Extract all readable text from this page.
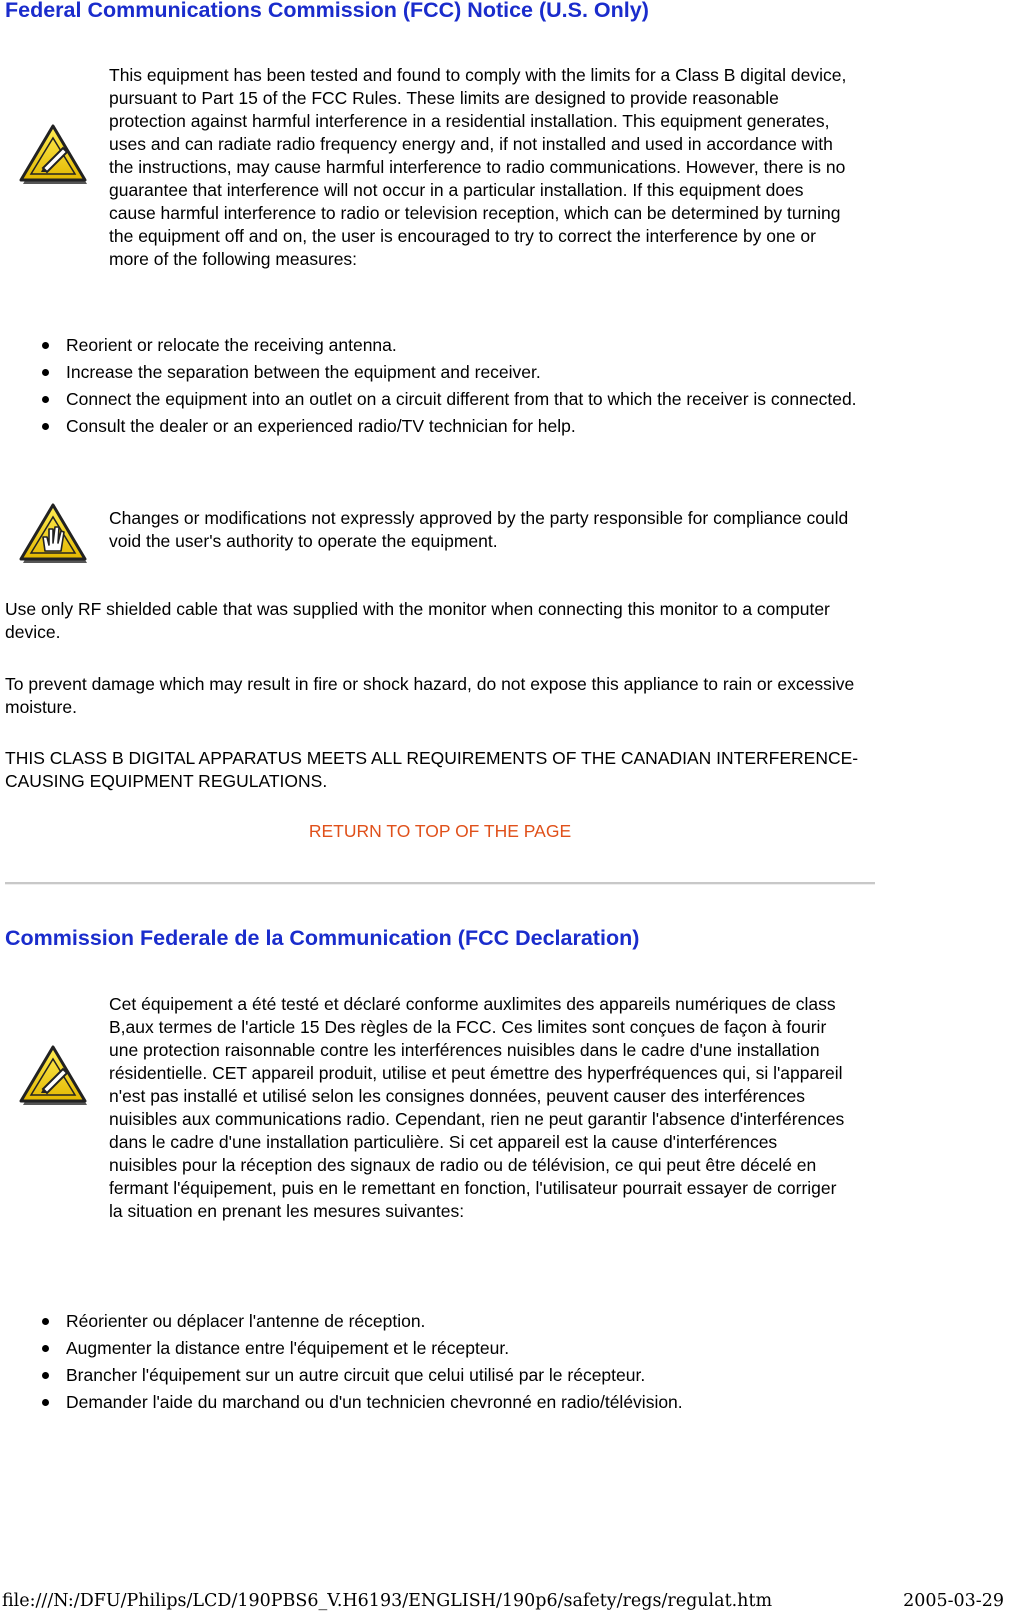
Federal Communications Commission (FCC) Notice (U.S. Only)
This equipment has been tested and found to comply with the limits for a Class B digital device, pursuant to Part 15 of the FCC Rules. These limits are designed to provide reasonable protection against harmful interference in a residential installation. This equipment generates, uses and can radiate radio frequency energy and, if not installed and used in accordance with the instructions, may cause harmful interference to radio communications. However, there is no guarantee that interference will not occur in a particular installation. If this equipment does cause harmful interference to radio or television reception, which can be determined by turning the equipment off and on, the user is encouraged to try to correct the interference by one or more of the following measures:
Reorient or relocate the receiving antenna.
Increase the separation between the equipment and receiver.
Connect the equipment into an outlet on a circuit different from that to which the receiver is connected.
Consult the dealer or an experienced radio/TV technician for help.
Changes or modifications not expressly approved by the party responsible for compliance could void the user's authority to operate the equipment.

Use only RF shielded cable that was supplied with the monitor when connecting this monitor to a computer device.

To prevent damage which may result in fire or shock hazard, do not expose this appliance to rain or excessive moisture.

THIS CLASS B DIGITAL APPARATUS MEETS ALL REQUIREMENTS OF THE CANADIAN INTERFERENCE-CAUSING EQUIPMENT REGULATIONS.

RETURN TO TOP OF THE PAGE
Commission Federale de la Communication (FCC Declaration)
Cet équipement a été testé et déclaré conforme auxlimites des appareils numériques de class B,aux termes de l'article 15 Des règles de la FCC. Ces limites sont conçues de façon à fourir une protection raisonnable contre les interférences nuisibles dans le cadre d'une installation résidentielle. CET appareil produit, utilise et peut émettre des hyperfréquences qui, si l'appareil n'est pas installé et utilisé selon les consignes données, peuvent causer des interférences nuisibles aux communications radio. Cependant, rien ne peut garantir l'absence d'interférences dans le cadre d'une installation particulière. Si cet appareil est la cause d'interférences nuisibles pour la réception des signaux de radio ou de télévision, ce qui peut être décelé en fermant l'équipement, puis en le remettant en fonction, l'utilisateur pourrait essayer de corriger la situation en prenant les mesures suivantes:
Réorienter ou déplacer l'antenne de réception.
Augmenter la distance entre l'équipement et le récepteur.
Brancher l'équipement sur un autre circuit que celui utilisé par le récepteur.
Demander l'aide du marchand ou d'un technicien chevronné en radio/télévision.
file:///N:/DFU/Philips/LCD/190PBS6_V.H6193/ENGLISH/190p6/safety/regs/regulat.htm	2005-03-29
